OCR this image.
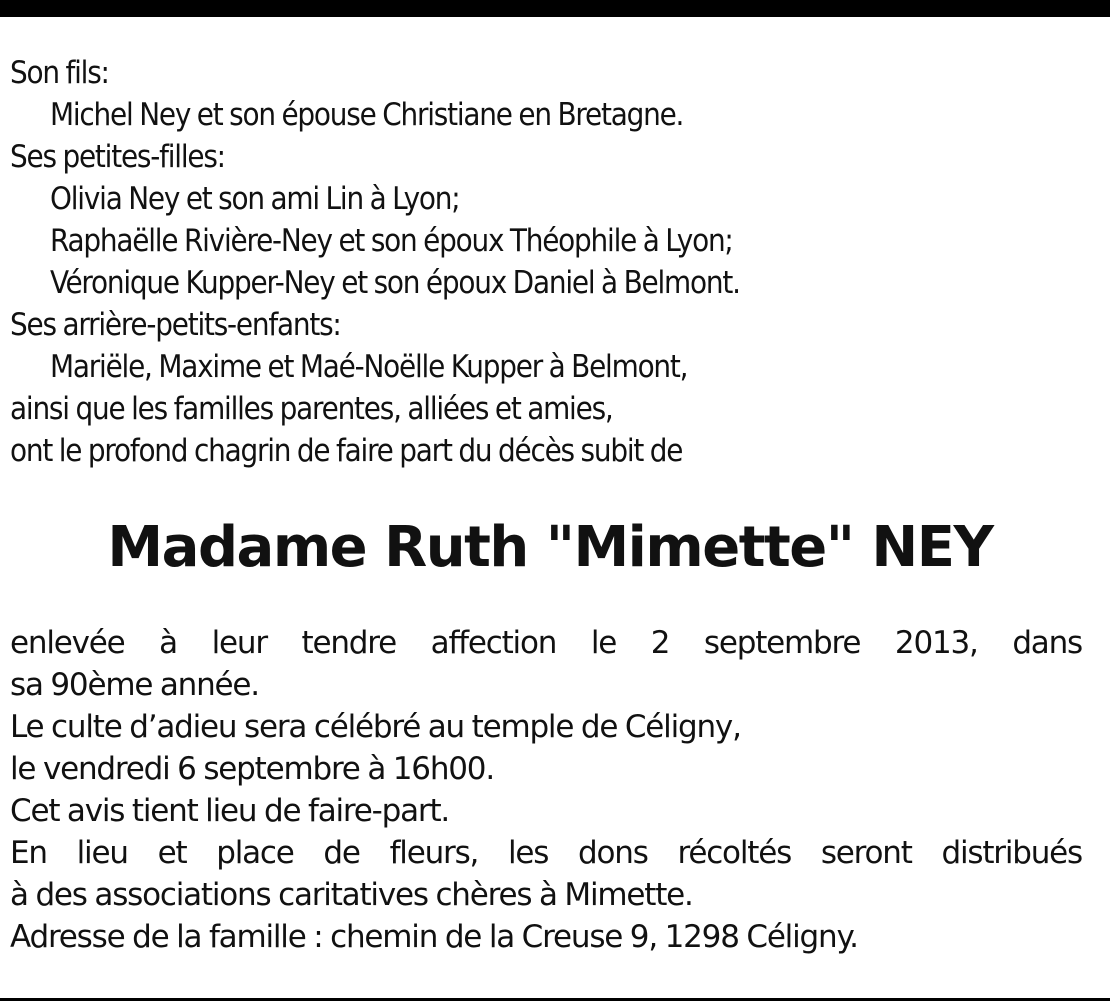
Son fils:
Michel Ney et son épouse Christiane en Bretagne.
Ses petites-filles:
Olivia Ney et son ami Lin à Lyon;
Raphaëlle Rivière-Ney et son époux Théophile à Lyon;
Véronique Kupper-Ney et son époux Daniel à Belmont.
Ses arrière-petits-enfants:
Mariële, Maxime et Maé-Noëlle Kupper à Belmont,
ainsi que les familles parentes, alliées et amies,
ont le profond chagrin de faire part du décès subit de
Madame Ruth "Mimette" NEY
enlevée à leur tendre affection le 2 septembre 2013, dans
sa 90ème année.
Le culte d’adieu sera célébré au temple de Céligny,
le vendredi 6 septembre à 16h00.
Cet avis tient lieu de faire-part.
En lieu et place de fleurs, les dons récoltés seront distribués
à des associations caritatives chères à Mimette.
Adresse de la famille : chemin de la Creuse 9, 1298 Céligny.
